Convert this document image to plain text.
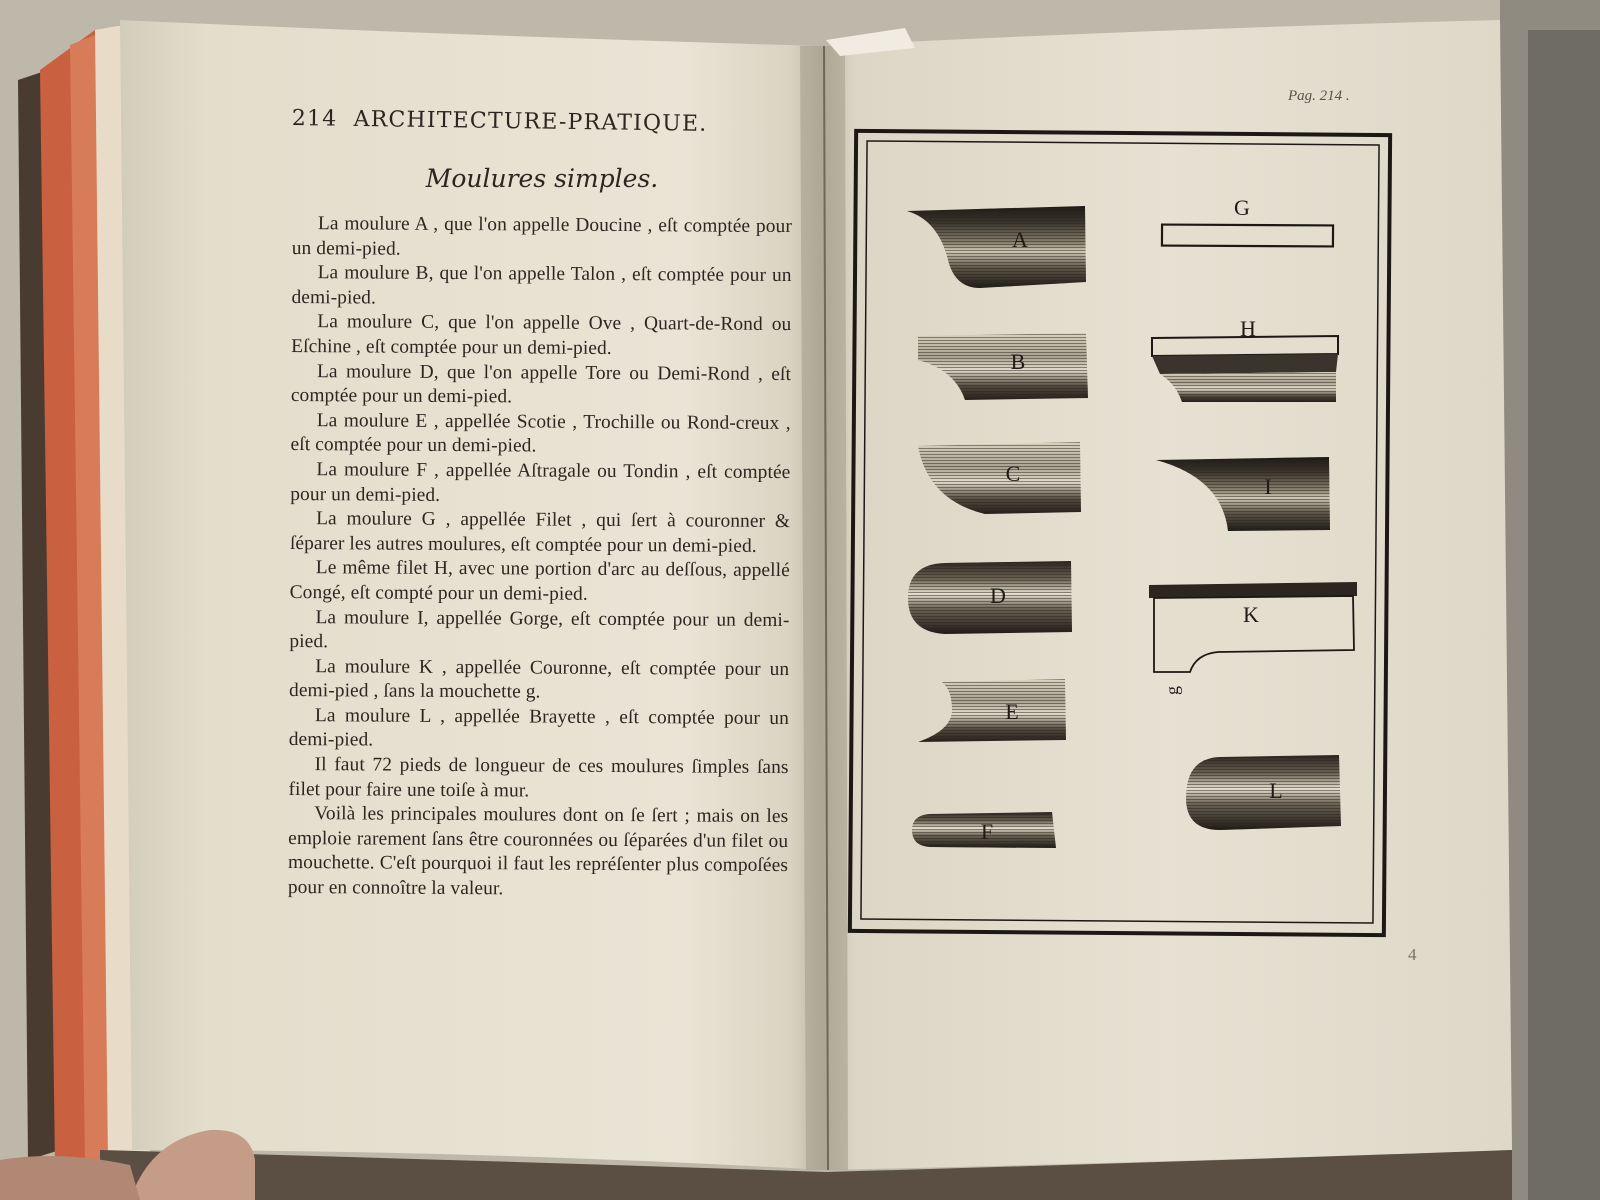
214 ARCHITECTURE-PRATIQUE.
Moulures simples.

La moulure A , que l'on appelle Doucine , eſt comptée pour un demi-pied.

La moulure B, que l'on appelle Talon , eſt comptée pour un demi-pied.

La moulure C, que l'on appelle Ove , Quart-de-Rond ou Eſchine , eſt comptée pour un demi-pied.

La moulure D, que l'on appelle Tore ou Demi-Rond , eſt comptée pour un demi-pied.

La moulure E , appellée Scotie , Trochille ou Rond-creux , eſt comptée pour un demi-pied.

La moulure F , appellée Aſtragale ou Tondin , eſt comptée pour un demi-pied.

La moulure G , appellée Filet , qui ſert à couronner & ſéparer les autres moulures, eſt comptée pour un demi-pied.

Le même filet H, avec une portion d'arc au deſſous, appellé Congé, eſt compté pour un demi-pied.

La moulure I, appellée Gorge, eſt comptée pour un demi-pied.

La moulure K , appellée Couronne, eſt comptée pour un demi-pied , ſans la mouchette g.

La moulure L , appellée Brayette , eſt comptée pour un demi-pied.

Il faut 72 pieds de longueur de ces moulures ſimples ſans filet pour faire une toiſe à mur.

Voilà les principales moulures dont on ſe ſert ; mais on les emploie rarement ſans être couronnées ou ſéparées d'un filet ou mouchette. C'eſt pourquoi il faut les repréſenter plus compoſées pour en connoître la valeur.

Pag. 214 .
A
B
C
D
E
F
G
H
I
K
L
g
4
